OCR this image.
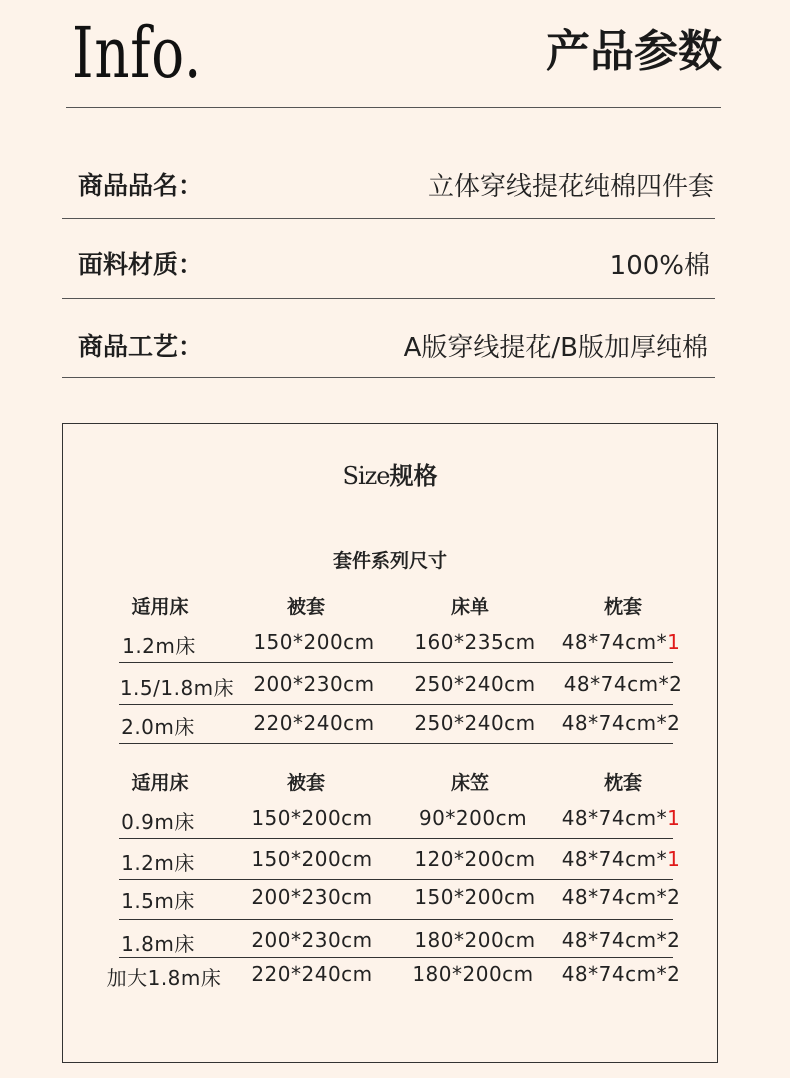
Info.	产品参数
商品品名：	立体穿线提花纯棉四件套
面料材质：	100%棉
商品工艺：	A版穿线提花/B版加厚纯棉
Size规格
套件系列尺寸
适用床	被套	床单	枕套
1.2m床	150*200cm 160*235cm 48*74cm*1
1.5/1.8m床 200*230cm 250*240cm 48*74cm*2
2.0m床	220*240cm 250*240cm 48*74cm*2
适用床	被套	床笠	枕套
0.9m床	150*200cm 90*200cm 48*74cm*1
1.2m床	150*200cm 120*200cm 48*74cm*1
1.5m床	200*230cm 150*200cm 48*74cm*2
1.8m床	200*230cm 180*200cm 48*74cm*2
加大1.8m床 220*240cm 180*200cm 48*74cm*2
